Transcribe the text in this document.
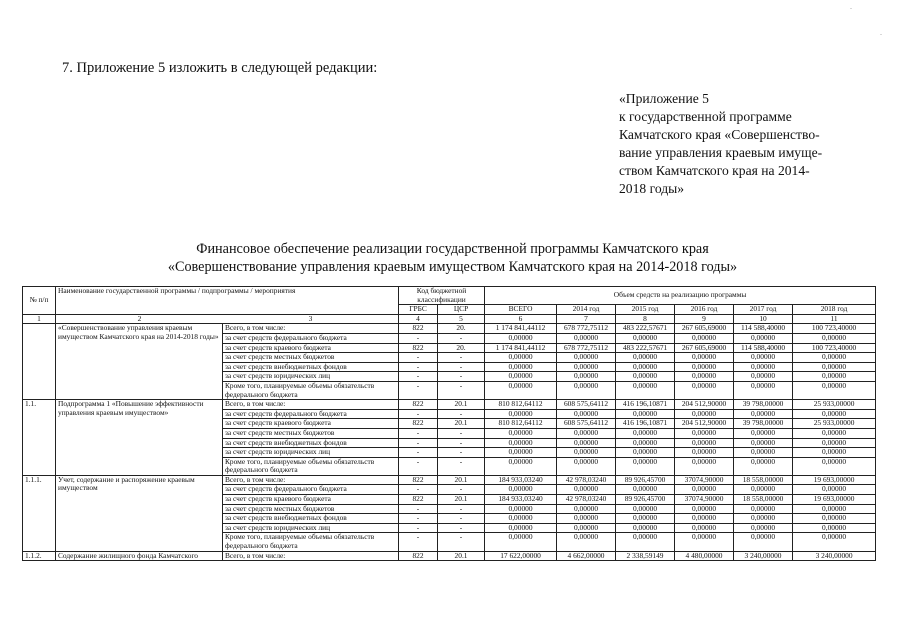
-
-
7. Приложение 5 изложить в следующей редакции:
«Приложение 5
к государственной программе
Камчатского края «Совершенство-
вание управления краевым имуще-
ством Камчатского края на 2014-
2018 годы»
Финансовое обеспечение реализации государственной программы Камчатского края
«Совершенствование управления краевым имуществом Камчатского края на 2014-2018 годы»
№ п/п	Наименование государственной программы / подпрограммы / мероприятия		Код бюджетной классификации		Объем средств на реализацию программы					
			ГРБС	ЦСР	ВСЕГО	2014 год	2015 год	2016 год	2017 год	2018 год
1	2 3		4	5	6	7	8	9	10	11
	«Совершенствование управления краевым имуществом Камчатского края на 2014-2018 годы»	Всего, в том числе:	822	20.	1 174 841,44112	678 772,75112	483 222,57671	267 605,69000	114 588,40000	100 723,40000
		за счет средств федерального бюджета	-	-	0,00000	0,00000	0,00000	0,00000	0,00000	0,00000
		за счет средств краевого бюджета	822	20.	1 174 841,44112	678 772,75112	483 222,57671	267 605,69000	114 588,40000	100 723,40000
		за счет средств местных бюджетов	-	-	0,00000	0,00000	0,00000	0,00000	0,00000	0,00000
		за счет средств внебюджетных фондов	-	-	0,00000	0,00000	0,00000	0,00000	0,00000	0,00000
		за счет средств юридических лиц	-	-	0,00000	0,00000	0,00000	0,00000	0,00000	0,00000
		Кроме того, планируемые объемы обязательств федерального бюджета	-	-	0,00000	0,00000	0,00000	0,00000	0,00000	0,00000
1.1.	Подпрограмма 1 «Повышение эффективности управления краевым имуществом»	Всего, в том числе:	822	20.1	810 812,64112	608 575,64112	416 196,10871	204 512,90000	39 798,00000	25 933,00000
		за счет средств федерального бюджета	-	-	0,00000	0,00000	0,00000	0,00000	0,00000	0,00000
		за счет средств краевого бюджета	822	20.1	810 812,64112	608 575,64112	416 196,10871	204 512,90000	39 798,00000	25 933,00000
		за счет средств местных бюджетов	-	-	0,00000	0,00000	0,00000	0,00000	0,00000	0,00000
		за счет средств внебюджетных фондов	-	-	0,00000	0,00000	0,00000	0,00000	0,00000	0,00000
		за счет средств юридических лиц	-	-	0,00000	0,00000	0,00000	0,00000	0,00000	0,00000
		Кроме того, планируемые объемы обязательств федерального бюджета	-	-	0,00000	0,00000	0,00000	0,00000	0,00000	0,00000
1.1.1.	Учет, содержание и распоряжение краевым имуществом	Всего, в том числе:	822	20.1	184 933,03240	42 978,03240	89 926,45700	37074,90000	18 558,00000	19 693,00000
		за счет средств федерального бюджета	-	-	0,00000	0,00000	0,00000	0,00000	0,00000	0,00000
		за счет средств краевого бюджета	822	20.1	184 933,03240	42 978,03240	89 926,45700	37074,90000	18 558,00000	19 693,00000
		за счет средств местных бюджетов	-	-	0,00000	0,00000	0,00000	0,00000	0,00000	0,00000
		за счет средств внебюджетных фондов	-	-	0,00000	0,00000	0,00000	0,00000	0,00000	0,00000
		за счет средств юридических лиц	-	-	0,00000	0,00000	0,00000	0,00000	0,00000	0,00000
		Кроме того, планируемые объемы обязательств федерального бюджета	-	-	0,00000	0,00000	0,00000	0,00000	0,00000	0,00000
1.1.2.	Содержание жилищного фонда Камчатского	Всего, в том числе:	822	20.1	17 622,00000	4 662,00000	2 338,59149	4 480,00000	3 240,00000	3 240,00000
